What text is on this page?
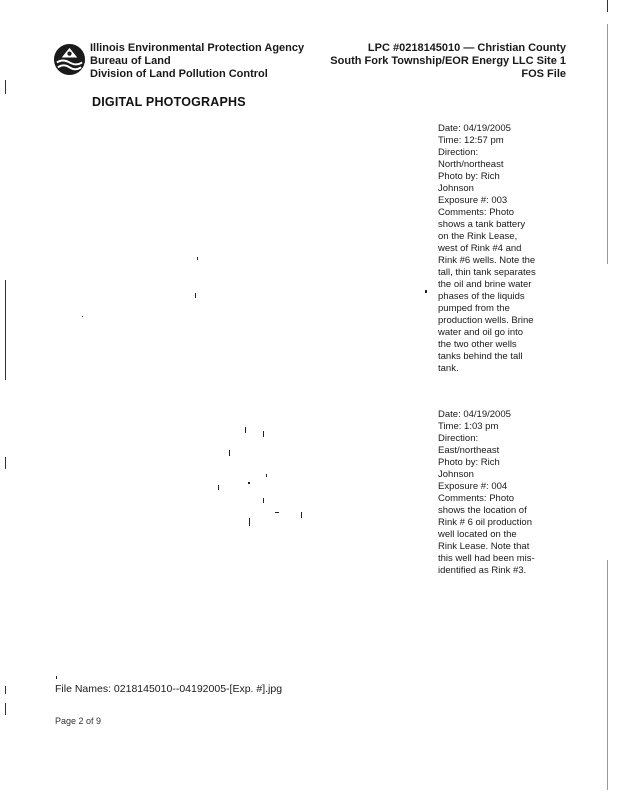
Illinois Environmental Protection Agency
Bureau of Land
Division of Land Pollution Control
LPC #0218145010 — Christian County
South Fork Township/EOR Energy LLC Site 1
FOS File
DIGITAL PHOTOGRAPHS
Date: 04/19/2005
Time: 12:57 pm
Direction:
North/northeast
Photo by: Rich
Johnson
Exposure #: 003
Comments: Photo
shows a tank battery
on the Rink Lease,
west of Rink #4 and
Rink #6 wells. Note the
tall, thin tank separates
the oil and brine water
phases of the liquids
pumped from the
production wells. Brine
water and oil go into
the two other wells
tanks behind the tall
tank.
Date: 04/19/2005
Time: 1:03 pm
Direction:
East/northeast
Photo by: Rich
Johnson
Exposure #: 004
Comments: Photo
shows the location of
Rink # 6 oil production
well located on the
Rink Lease. Note that
this well had been mis-
identified as Rink #3.
File Names: 0218145010--04192005-[Exp. #].jpg
Page 2 of 9
